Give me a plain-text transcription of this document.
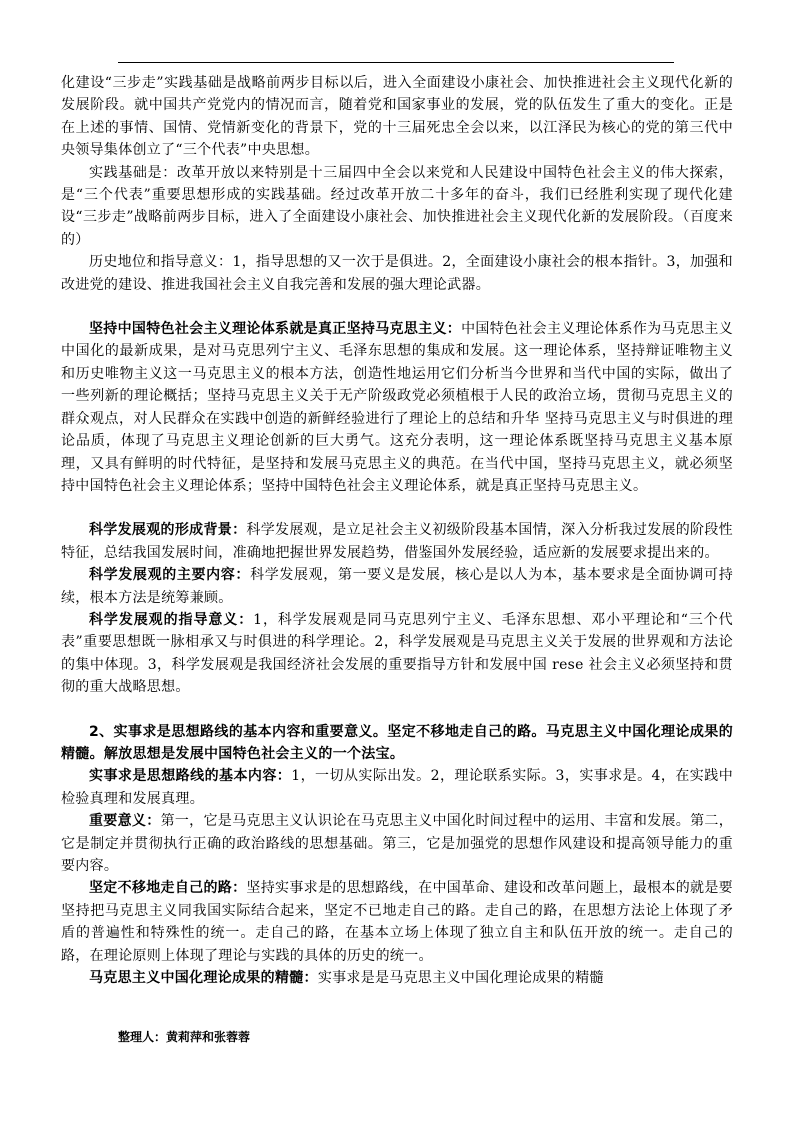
化建设“三步走”实践基础是战略前两步目标以后，进入全面建设小康社会、加快推进社会主义现代化新的发展阶段。就中国共产党党内的情况而言，随着党和国家事业的发展，党的队伍发生了重大的变化。正是在上述的事情、国情、党情新变化的背景下，党的十三届死忠全会以来，以江泽民为核心的党的第三代中央领导集体创立了“三个代表”中央思想。

实践基础是：改革开放以来特别是十三届四中全会以来党和人民建设中国特色社会主义的伟大探索，是“三个代表”重要思想形成的实践基础。经过改革开放二十多年的奋斗，我们已经胜利实现了现代化建设“三步走”战略前两步目标，进入了全面建设小康社会、加快推进社会主义现代化新的发展阶段。（百度来的）

历史地位和指导意义：1，指导思想的又一次于是俱进。2，全面建设小康社会的根本指针。3，加强和改进党的建设、推进我国社会主义自我完善和发展的强大理论武器。

坚持中国特色社会主义理论体系就是真正坚持马克思主义：中国特色社会主义理论体系作为马克思主义中国化的最新成果，是对马克思列宁主义、毛泽东思想的集成和发展。这一理论体系，坚持辩证唯物主义和历史唯物主义这一马克思主义的根本方法，创造性地运用它们分析当今世界和当代中国的实际，做出了一些列新的理论概括；坚持马克思主义关于无产阶级政党必须植根于人民的政治立场，贯彻马克思主义的群众观点，对人民群众在实践中创造的新鲜经验进行了理论上的总结和升华 坚持马克思主义与时俱进的理论品质，体现了马克思主义理论创新的巨大勇气。这充分表明，这一理论体系既坚持马克思主义基本原理，又具有鲜明的时代特征，是坚持和发展马克思主义的典范。在当代中国，坚持马克思主义，就必须坚持中国特色社会主义理论体系；坚持中国特色社会主义理论体系，就是真正坚持马克思主义。

科学发展观的形成背景：科学发展观，是立足社会主义初级阶段基本国情，深入分析我过发展的阶段性特征，总结我国发展时间，准确地把握世界发展趋势，借鉴国外发展经验，适应新的发展要求提出来的。

科学发展观的主要内容：科学发展观，第一要义是发展，核心是以人为本，基本要求是全面协调可持续，根本方法是统筹兼顾。

科学发展观的指导意义：1，科学发展观是同马克思列宁主义、毛泽东思想、邓小平理论和“三个代表”重要思想既一脉相承又与时俱进的科学理论。2，科学发展观是马克思主义关于发展的世界观和方法论的集中体现。3，科学发展观是我国经济社会发展的重要指导方针和发展中国 rese 社会主义必须坚持和贯彻的重大战略思想。

2、实事求是思想路线的基本内容和重要意义。坚定不移地走自己的路。马克思主义中国化理论成果的精髓。解放思想是发展中国特色社会主义的一个法宝。

实事求是思想路线的基本内容：1，一切从实际出发。2，理论联系实际。3，实事求是。4，在实践中检验真理和发展真理。

重要意义：第一，它是马克思主义认识论在马克思主义中国化时间过程中的运用、丰富和发展。第二，它是制定并贯彻执行正确的政治路线的思想基础。第三，它是加强党的思想作风建设和提高领导能力的重要内容。

坚定不移地走自己的路：坚持实事求是的思想路线，在中国革命、建设和改革问题上，最根本的就是要坚持把马克思主义同我国实际结合起来，坚定不已地走自己的路。走自己的路，在思想方法论上体现了矛盾的普遍性和特殊性的统一。走自己的路，在基本立场上体现了独立自主和队伍开放的统一。走自己的路，在理论原则上体现了理论与实践的具体的历史的统一。

马克思主义中国化理论成果的精髓：实事求是是马克思主义中国化理论成果的精髓

整理人：黄莉萍和张蓉蓉
